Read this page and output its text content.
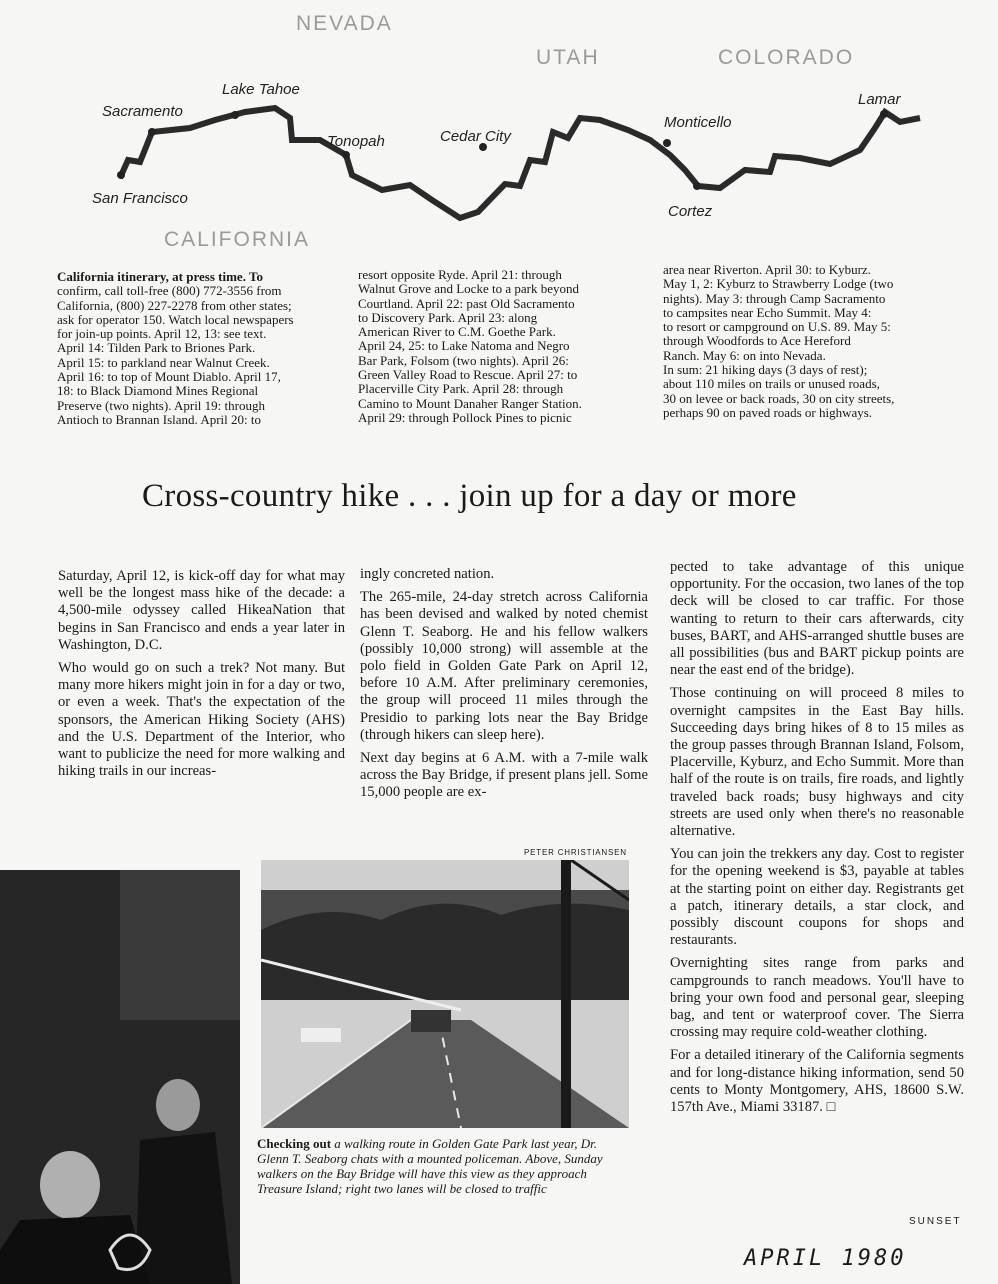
NEVADA
UTAH	COLORADO
CALIFORNIA
Sacramento
Lake Tahoe
San Francisco
Tonopah	Cedar City
Monticello
Cortez
Lamar

California itinerary, at press time. To

confirm, call toll-free (800) 772-3556 from

California, (800) 227-2278 from other states;

ask for operator 150. Watch local newspapers

for join-up points. April 12, 13: see text.

April 14: Tilden Park to Briones Park.

April 15: to parkland near Walnut Creek.

April 16: to top of Mount Diablo. April 17,

18: to Black Diamond Mines Regional

Preserve (two nights). April 19: through

Antioch to Brannan Island. April 20: to

resort opposite Ryde. April 21: through

Walnut Grove and Locke to a park beyond

Courtland. April 22: past Old Sacramento

to Discovery Park. April 23: along

American River to C.M. Goethe Park.

April 24, 25: to Lake Natoma and Negro

Bar Park, Folsom (two nights). April 26:

Green Valley Road to Rescue. April 27: to

Placerville City Park. April 28: through

Camino to Mount Danaher Ranger Station.

April 29: through Pollock Pines to picnic

area near Riverton. April 30: to Kyburz.

May 1, 2: Kyburz to Strawberry Lodge (two

nights). May 3: through Camp Sacramento

to campsites near Echo Summit. May 4:

to resort or campground on U.S. 89. May 5:

through Woodfords to Ace Hereford

Ranch. May 6: on into Nevada.

In sum: 21 hiking days (3 days of rest);

about 110 miles on trails or unused roads,

30 on levee or back roads, 30 on city streets,

perhaps 90 on paved roads or highways.

Cross-country hike . . . join up for a day or more

Saturday, April 12, is kick-off day for what may well be the longest mass hike of the decade: a 4,500-mile odyssey called HikeaNation that begins in San Francisco and ends a year later in Washington, D.C.

Who would go on such a trek? Not many. But many more hikers might join in for a day or two, or even a week. That's the expectation of the sponsors, the American Hiking Society (AHS) and the U.S. Department of the Interior, who want to publicize the need for more walking and hiking trails in our increas-

ingly concreted nation.

The 265-mile, 24-day stretch across California has been devised and walked by noted chemist Glenn T. Seaborg. He and his fellow walkers (possibly 10,000 strong) will assemble at the polo field in Golden Gate Park on April 12, before 10 A.M. After preliminary ceremonies, the group will proceed 11 miles through the Presidio to parking lots near the Bay Bridge (through hikers can sleep here).

Next day begins at 6 A.M. with a 7-mile walk across the Bay Bridge, if present plans jell. Some 15,000 people are ex-

pected to take advantage of this unique opportunity. For the occasion, two lanes of the top deck will be closed to car traffic. For those wanting to return to their cars afterwards, city buses, BART, and AHS-arranged shuttle buses are all possibilities (bus and BART pickup points are near the east end of the bridge).

Those continuing on will proceed 8 miles to overnight campsites in the East Bay hills. Succeeding days bring hikes of 8 to 15 miles as the group passes through Brannan Island, Folsom, Placerville, Kyburz, and Echo Summit. More than half of the route is on trails, fire roads, and lightly traveled back roads; busy highways and city streets are used only when there's no reasonable alternative.

You can join the trekkers any day. Cost to register for the opening weekend is $3, payable at tables at the starting point on either day. Registrants get a patch, itinerary details, a star clock, and possibly discount coupons for shops and restaurants.

Overnighting sites range from parks and campgrounds to ranch meadows. You'll have to bring your own food and personal gear, sleeping bag, and tent or waterproof cover. The Sierra crossing may require cold-weather clothing.

For a detailed itinerary of the California segments and for long-distance hiking information, send 50 cents to Monty Montgomery, AHS, 18600 S.W. 157th Ave., Miami 33187. □

PETER CHRISTIANSEN
Checking out a walking route in Golden Gate Park last year, Dr. Glenn T. Seaborg chats with a mounted policeman. Above, Sunday walkers on the Bay Bridge will have this view as they approach Treasure Island; right two lanes will be closed to traffic
SUNSET
APRIL 1980
